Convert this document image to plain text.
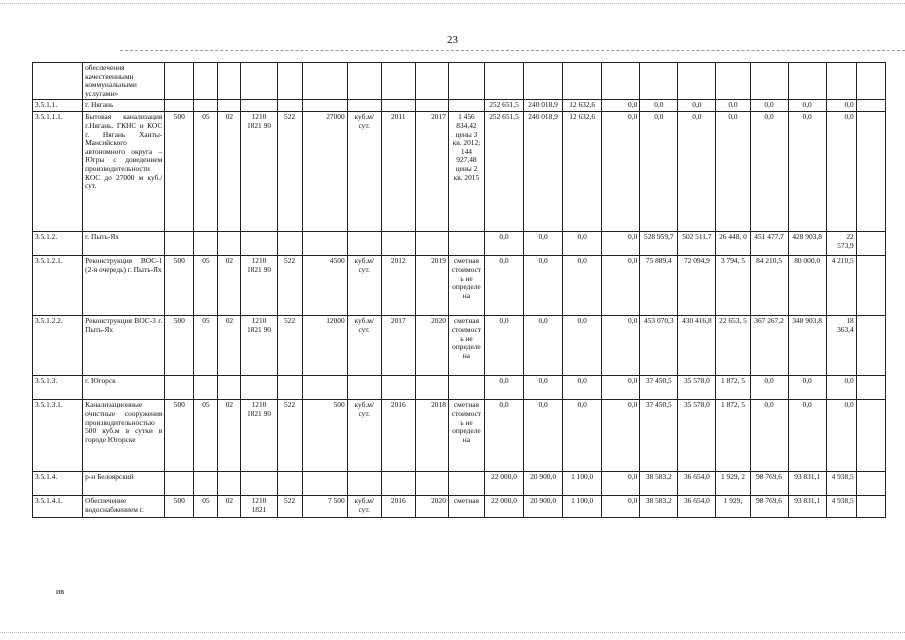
23
	обеспечения качественными коммунальными услугами»																					
3.5.1.1.	г. Нягань											252 651,5	240 018,9	12 632,6	0,0	0,0	0,0	0,0	0,0	0,0	0,0	
3.5.1.1.1.	Бытовая канализация г.Нягань. ГКНС и КОС г. Нягань Ханты-Мансийского автономного округа – Югры с доведением производительности КОС до 27000 м куб./сут.	500	05	02	1210 1821 90	522	27000	куб.м/сут.	2011	2017	1 456 834,42 цены 3 кв. 2012; 144 927,48 цены 2 кв. 2015	252 651,5	240 018,9	12 632,6	0,0	0,0	0,0	0,0	0,0	0,0	0,0	
3.5.1.2.	г. Пыть-Ях											0,0	0,0	0,0	0,0	528 959,7	502 511,7	26 448, 0	451 477,7	428 903,8	22 573,9	
3.5.1.2.1.	Реконструкция ВОС-1 (2-я очередь) г. Пыть-Ях	500	05	02	1210 1821 90	522	4500	куб.м/сут.	2012	2019	сметная стоимость не определена	0,0	0,0	0,0	0,0	75 889,4	72 094,9	3 794, 5	84 210,5	80 000,0	4 210,5	
3.5.1.2.2.	Реконструкция ВОС-3 г. Пыть-Ях	500	05	02	1210 1821 90	522	12000	куб.м/сут.	2017	2020	сметная стоимость не определена	0,0	0,0	0,0	0,0	453 070,3	430 416,8	22 653, 5	367 267,2	348 903,8	18 363,4	
3.5.1.3.	г. Югорск											0,0	0,0	0,0	0,0	37 450,5	35 578,0	1 872, 5	0,0	0,0	0,0	
3.5.1.3.1.	Канализационные очистные сооружения производительностью 500 куб.м в сутки в городе Югорске	500	05	02	1210 1821 90	522	500	куб.м/сут.	2016	2018	сметная стоимость не определена	0,0	0,0	0,0	0,0	37 450,5	35 578,0	1 872, 5	0,0	0,0	0,0	
3.5.1.4.	р-н Белоярский											22 000,0	20 900,0	1 100,0	0,0	38 583,2	36 654,0	1 929, 2	98 769,6	93 831,1	4 938,5	
3.5.1.4.1.	Обеспечение водоснабжением г.	500	05	02	1210 1821	522	7 500	куб.м/сут.	2016	2020	сметная	22 000,0	20 900,0	1 100,0	0,0	38 583,2	36 654,0	1 929,	98 769,6	93 831,1	4 938,5	
ив
